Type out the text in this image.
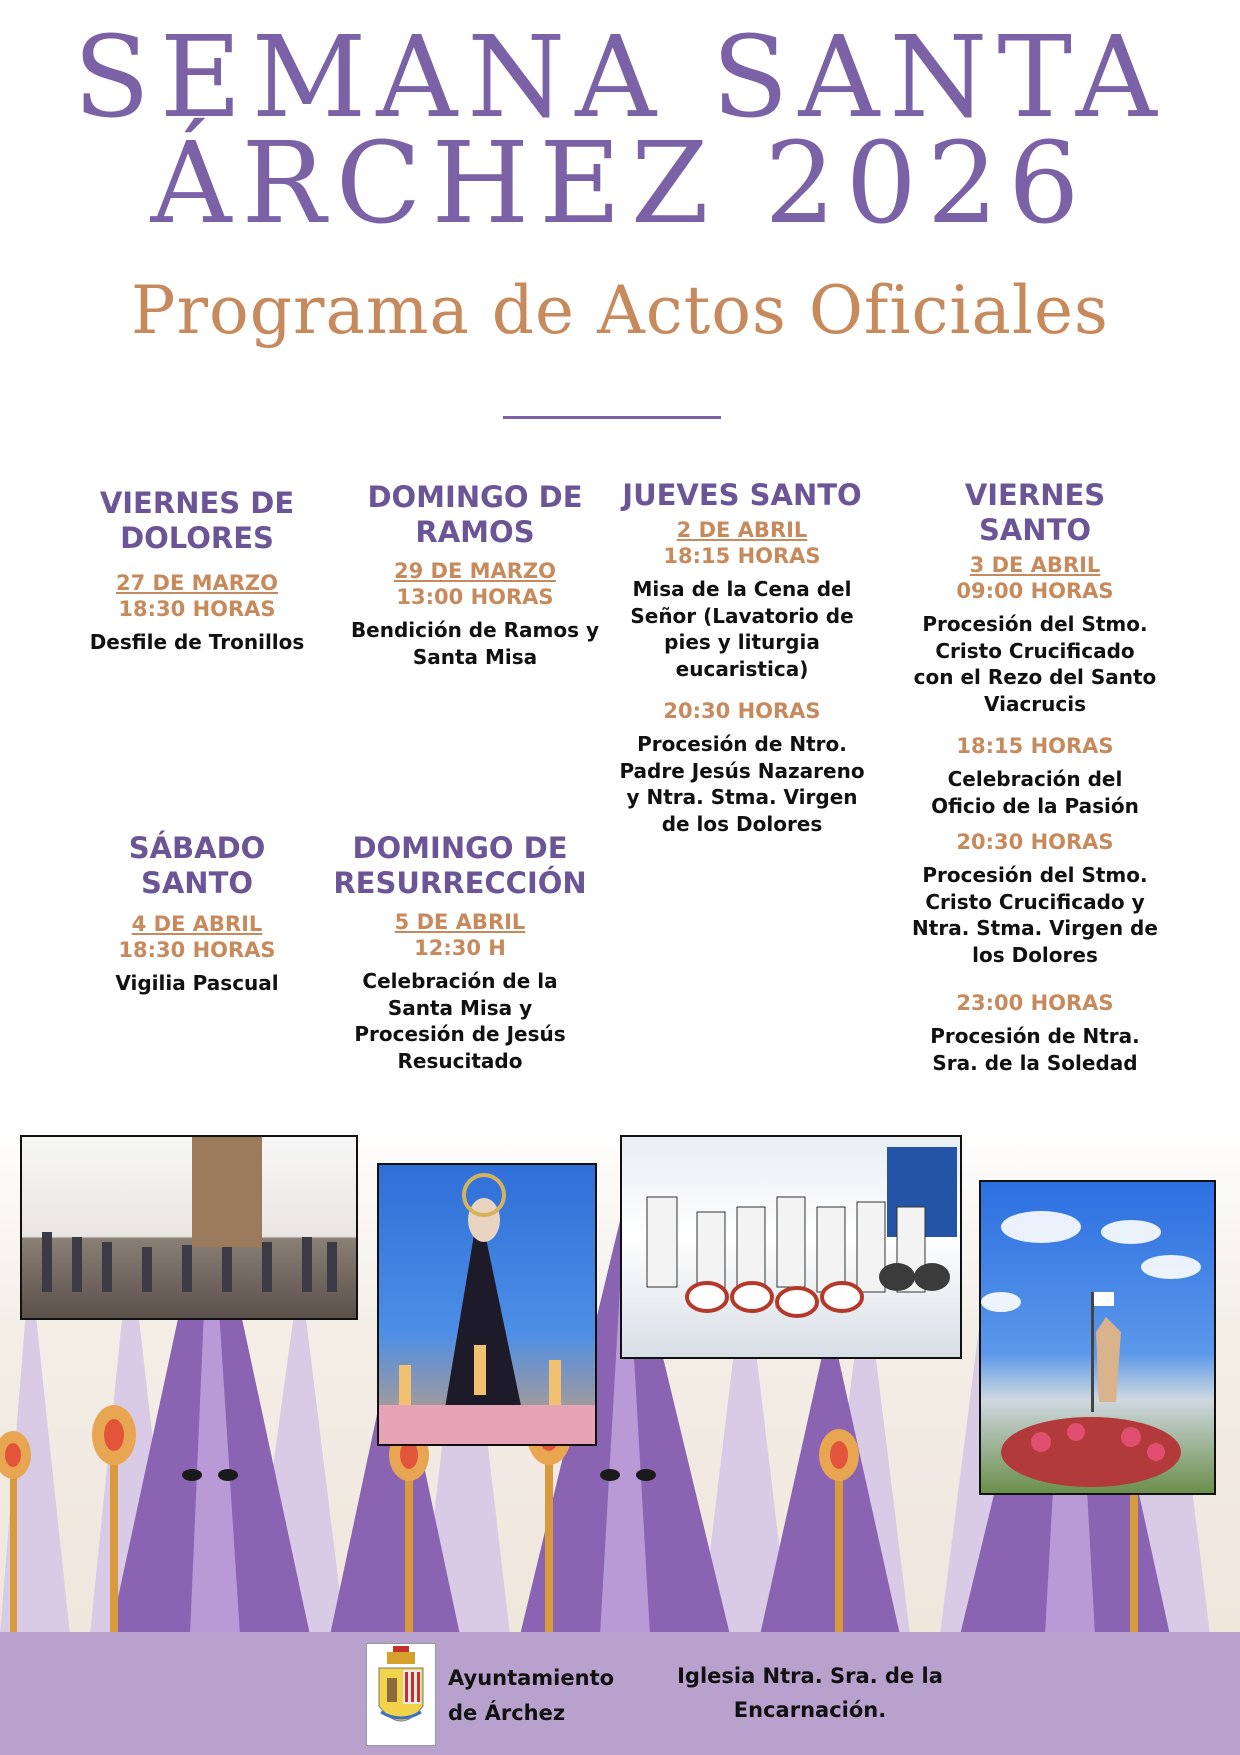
SEMANA SANTA
ÁRCHEZ 2026
Programa de Actos Oficiales
VIERNES DE
DOLORES
27 DE MARZO
18:30 HORAS
Desfile de Tronillos
DOMINGO DE
RAMOS
29 DE MARZO
13:00 HORAS
Bendición de Ramos y
Santa Misa
JUEVES SANTO
2 DE ABRIL
18:15 HORAS
Misa de la Cena del
Señor (Lavatorio de
pies y liturgia
eucaristica)
20:30 HORAS
Procesión de Ntro.
Padre Jesús Nazareno
y Ntra. Stma. Virgen
de los Dolores
VIERNES SANTO
3 DE ABRIL
09:00 HORAS
Procesión del Stmo.
Cristo Crucificado
con el Rezo del Santo
Viacrucis
18:15 HORAS
Celebración del
Oficio de la Pasión
20:30 HORAS
Procesión del Stmo.
Cristo Crucificado y
Ntra. Stma. Virgen de
los Dolores
23:00 HORAS
Procesión de Ntra.
Sra. de la Soledad
SÁBADO SANTO
4 DE ABRIL
18:30 HORAS
Vigilia Pascual
DOMINGO DE
RESURRECCIÓN
5 DE ABRIL
12:30 H
Celebración de la
Santa Misa y
Procesión de Jesús
Resucitado
Ayuntamiento
de Árchez
Iglesia Ntra. Sra. de la
Encarnación.
